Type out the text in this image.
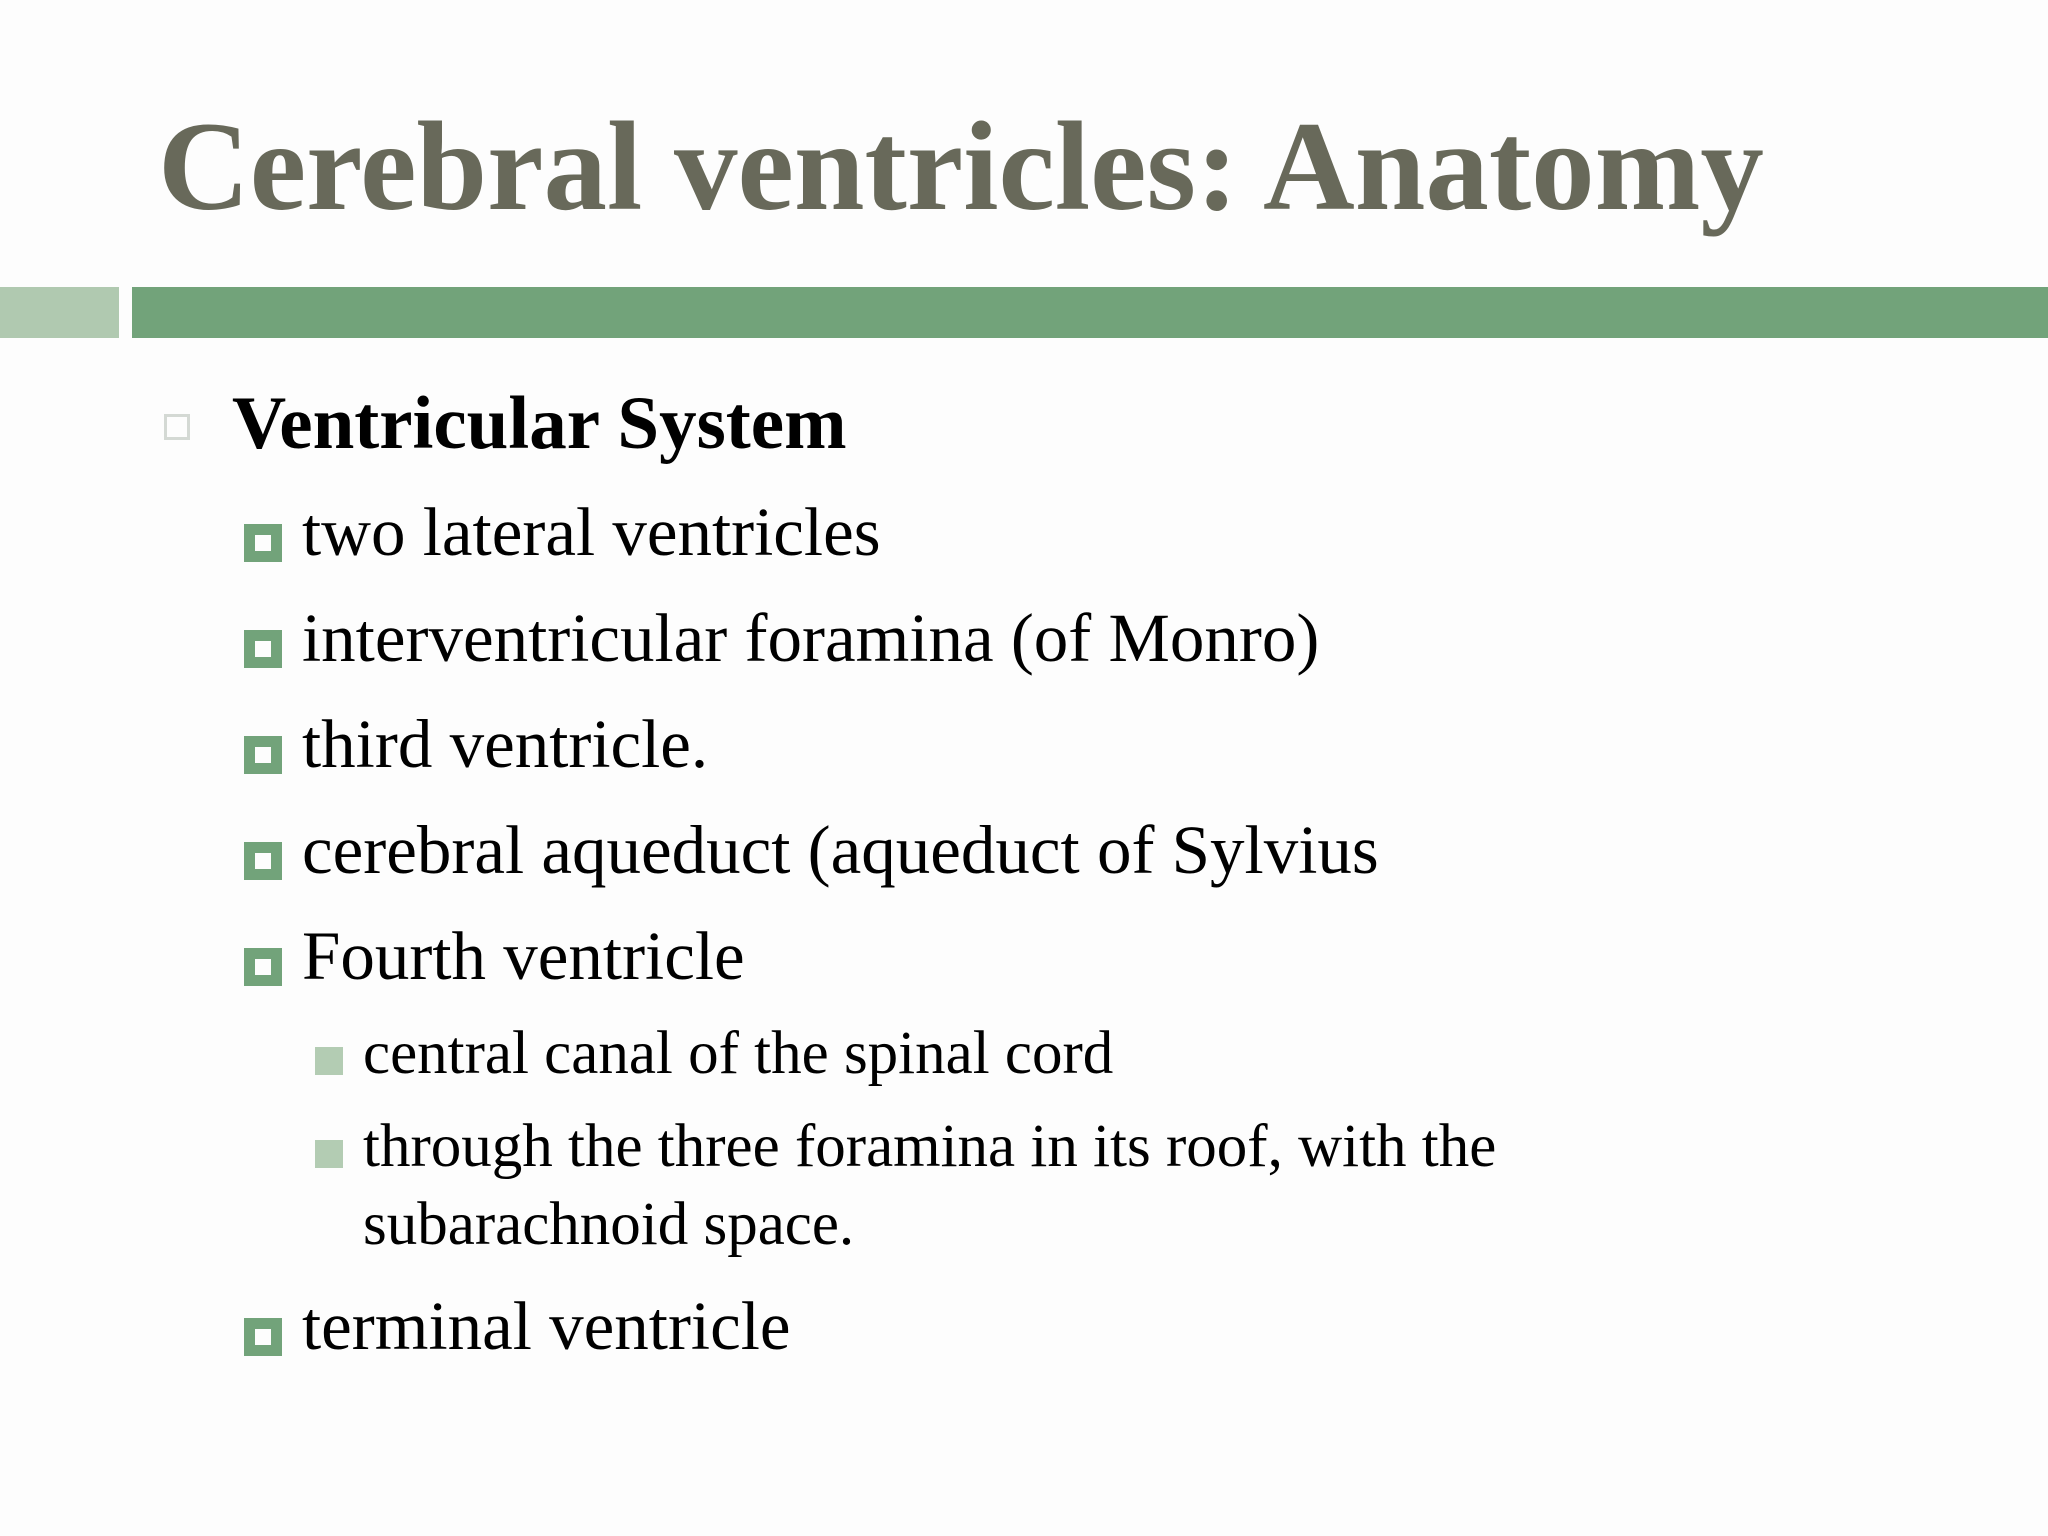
Cerebral ventricles: Anatomy
Ventricular System
two lateral ventricles
interventricular foramina (of Monro)
third ventricle.
cerebral aqueduct (aqueduct of Sylvius
Fourth ventricle
central canal of the spinal cord
through the three foramina in its roof, with the subarachnoid space.
terminal ventricle
